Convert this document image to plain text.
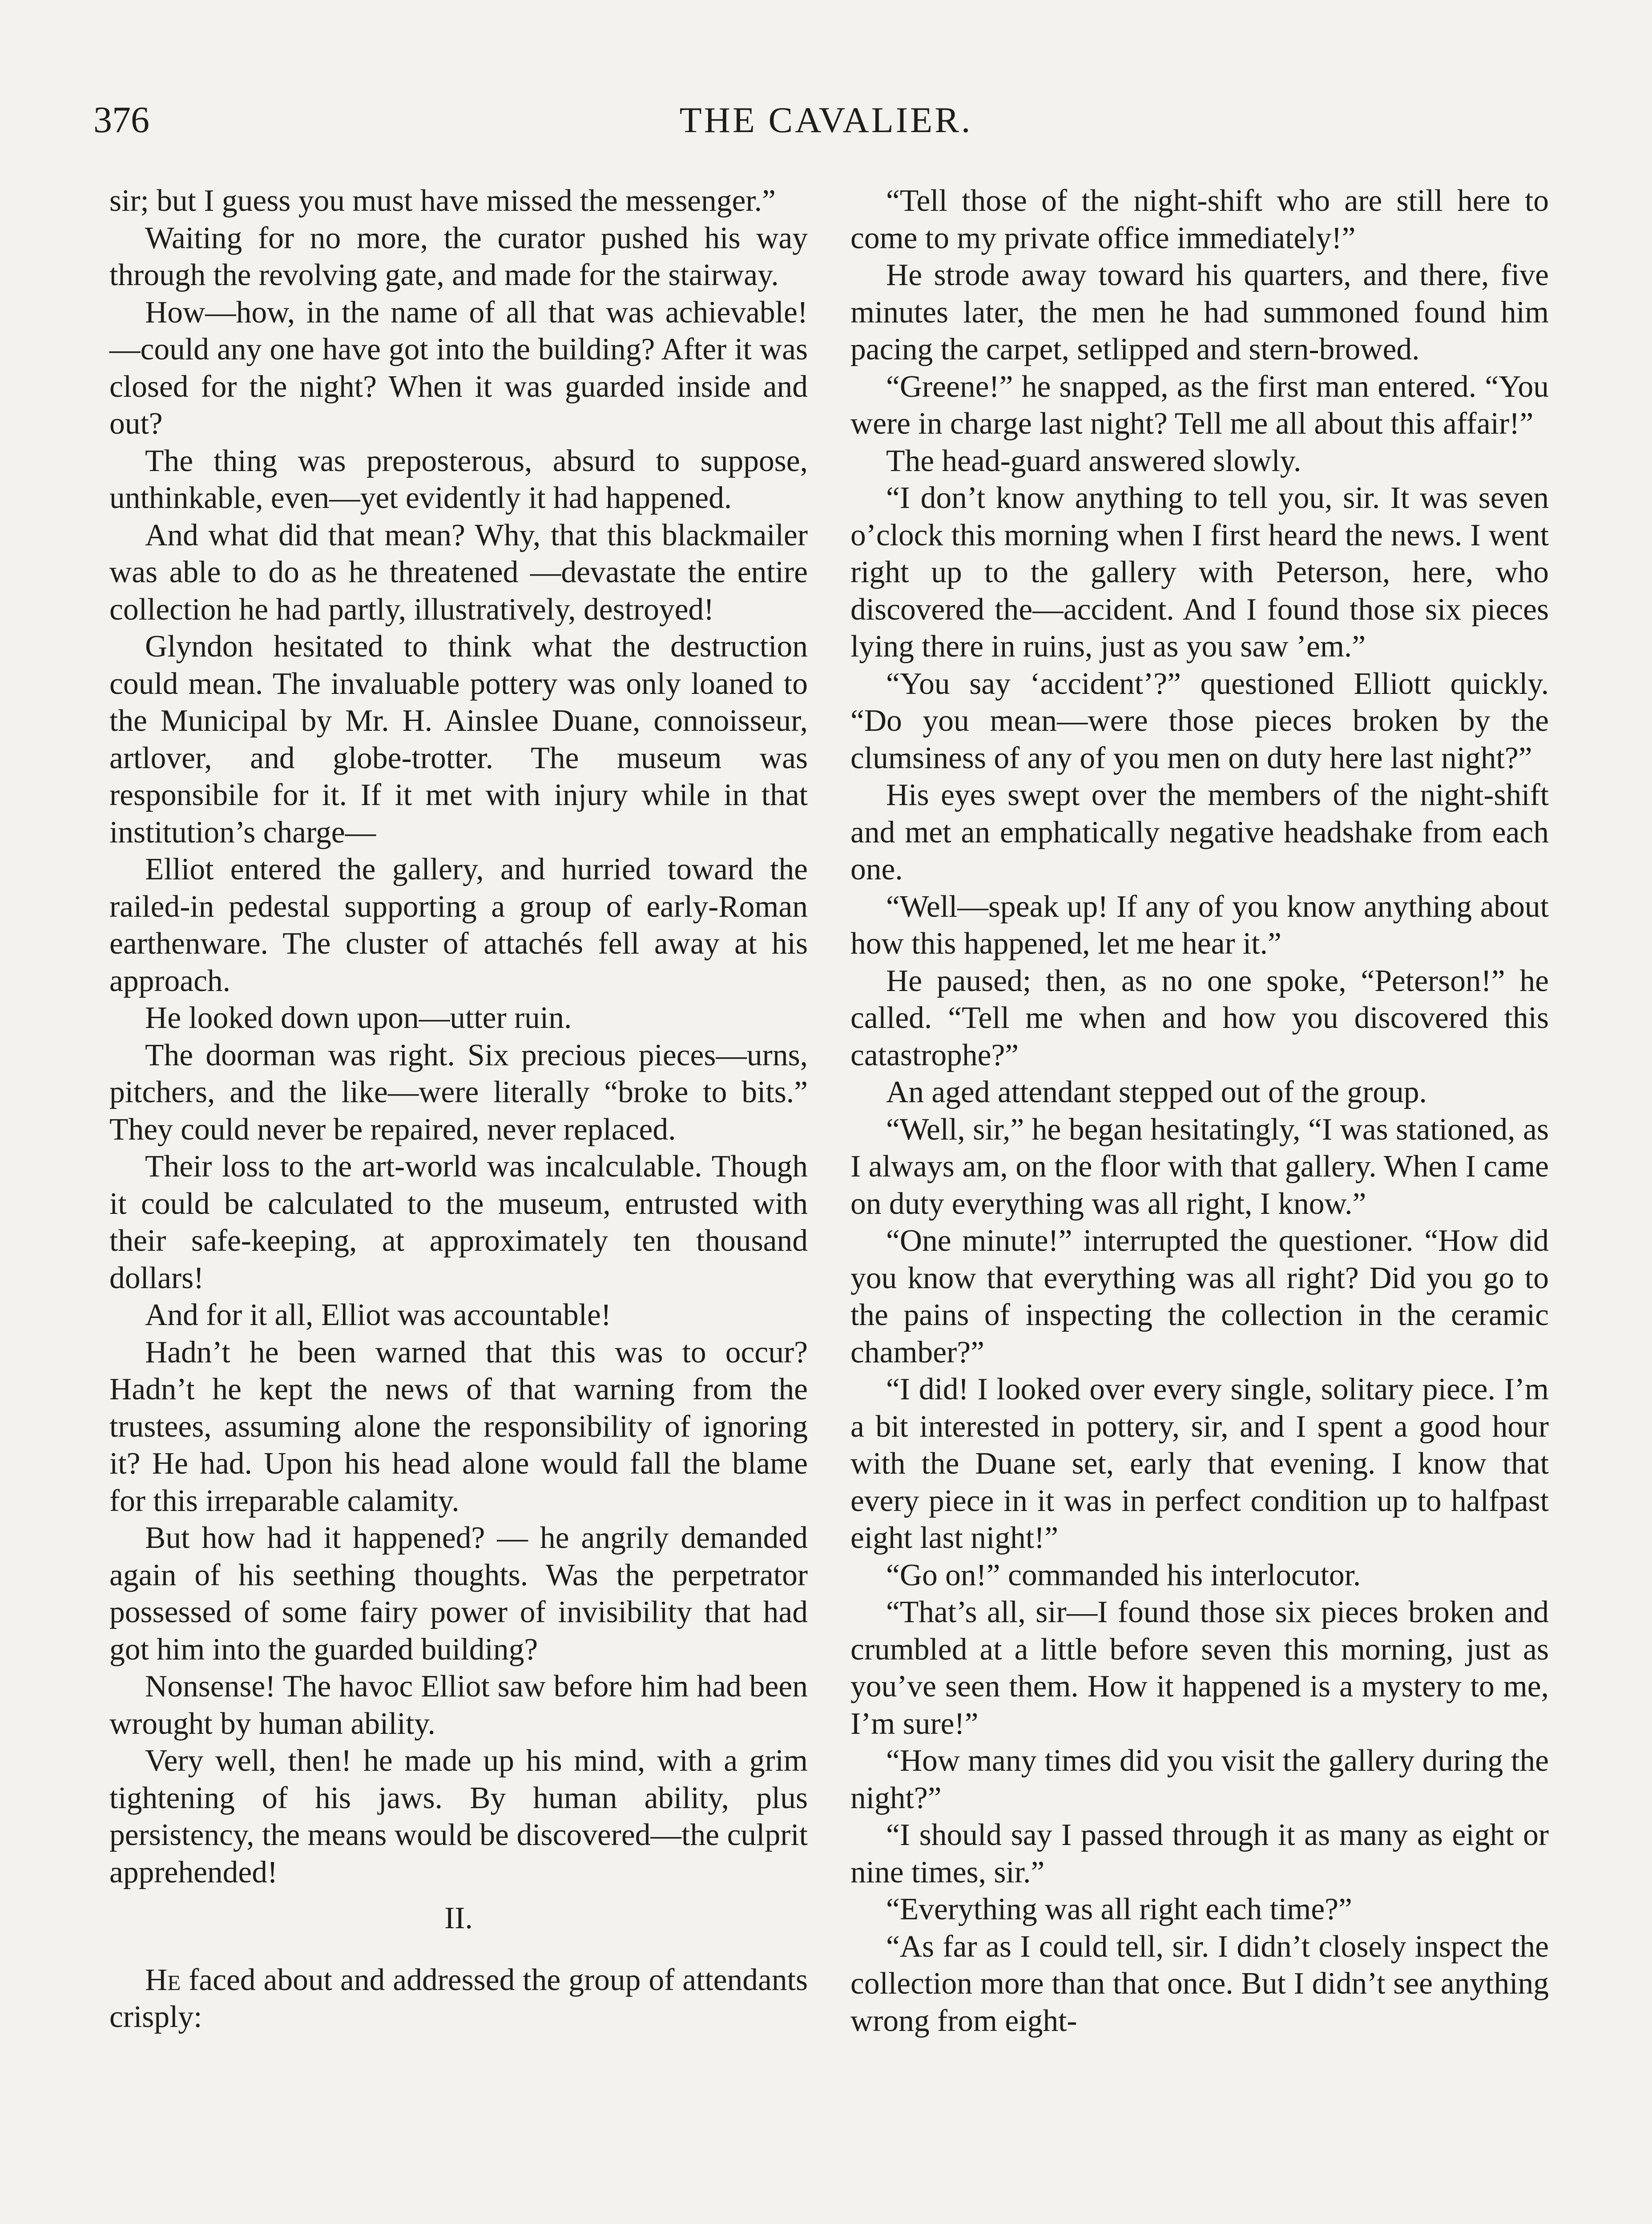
THE CAVALIER.
376

sir; but I guess you must have missed the messenger.”

Waiting for no more, the curator pushed his way through the revolving gate, and made for the stairway.

How—how, in the name of all that was achievable!—could any one have got into the building? After it was closed for the night? When it was guarded inside and out?

The thing was preposterous, absurd to suppose, unthinkable, even—yet evidently it had happened.

And what did that mean? Why, that this blackmailer was able to do as he threatened —devastate the entire collection he had partly, illustratively, destroyed!

Glyndon hesitated to think what the destruction could mean. The invaluable pottery was only loaned to the Municipal by Mr. H. Ainslee Duane, connoisseur, artlover, and globe-trotter. The museum was responsibile for it. If it met with injury while in that institution’s charge—

Elliot entered the gallery, and hurried toward the railed-in pedestal supporting a group of early-Roman earthenware. The cluster of attachés fell away at his approach.

He looked down upon—utter ruin.

The doorman was right. Six precious pieces—urns, pitchers, and the like—were literally “broke to bits.” They could never be repaired, never replaced.

Their loss to the art-world was incalculable. Though it could be calculated to the museum, entrusted with their safe-keeping, at approximately ten thousand dollars!

And for it all, Elliot was accountable!

Hadn’t he been warned that this was to occur? Hadn’t he kept the news of that warning from the trustees, assuming alone the responsibility of ignoring it? He had. Upon his head alone would fall the blame for this irreparable calamity.

But how had it happened? — he angrily demanded again of his seething thoughts. Was the perpetrator possessed of some fairy power of invisibility that had got him into the guarded building?

Nonsense! The havoc Elliot saw before him had been wrought by human ability.

Very well, then! he made up his mind, with a grim tightening of his jaws. By human ability, plus persistency, the means would be discovered—the culprit apprehended!

II.

He faced about and addressed the group of attendants crisply:

“Tell those of the night-shift who are still here to come to my private office immediately!”

He strode away toward his quarters, and there, five minutes later, the men he had summoned found him pacing the carpet, setlipped and stern-browed.

“Greene!” he snapped, as the first man entered. “You were in charge last night? Tell me all about this affair!”

The head-guard answered slowly.

“I don’t know anything to tell you, sir. It was seven o’clock this morning when I first heard the news. I went right up to the gallery with Peterson, here, who discovered the—accident. And I found those six pieces lying there in ruins, just as you saw ’em.”

“You say ‘accident’?” questioned Elliott quickly. “Do you mean—were those pieces broken by the clumsiness of any of you men on duty here last night?”

His eyes swept over the members of the night-shift and met an emphatically negative headshake from each one.

“Well—speak up! If any of you know anything about how this happened, let me hear it.”

He paused; then, as no one spoke, “Peterson!” he called. “Tell me when and how you discovered this catastrophe?”

An aged attendant stepped out of the group.

“Well, sir,” he began hesitatingly, “I was stationed, as I always am, on the floor with that gallery. When I came on duty everything was all right, I know.”

“One minute!” interrupted the questioner. “How did you know that everything was all right? Did you go to the pains of inspecting the collection in the ceramic chamber?”

“I did! I looked over every single, solitary piece. I’m a bit interested in pottery, sir, and I spent a good hour with the Duane set, early that evening. I know that every piece in it was in perfect condition up to halfpast eight last night!”

“Go on!” commanded his interlocutor.

“That’s all, sir—I found those six pieces broken and crumbled at a little before seven this morning, just as you’ve seen them. How it happened is a mystery to me, I’m sure!”

“How many times did you visit the gallery during the night?”

“I should say I passed through it as many as eight or nine times, sir.”

“Everything was all right each time?”

“As far as I could tell, sir. I didn’t closely inspect the collection more than that once. But I didn’t see anything wrong from eight-
